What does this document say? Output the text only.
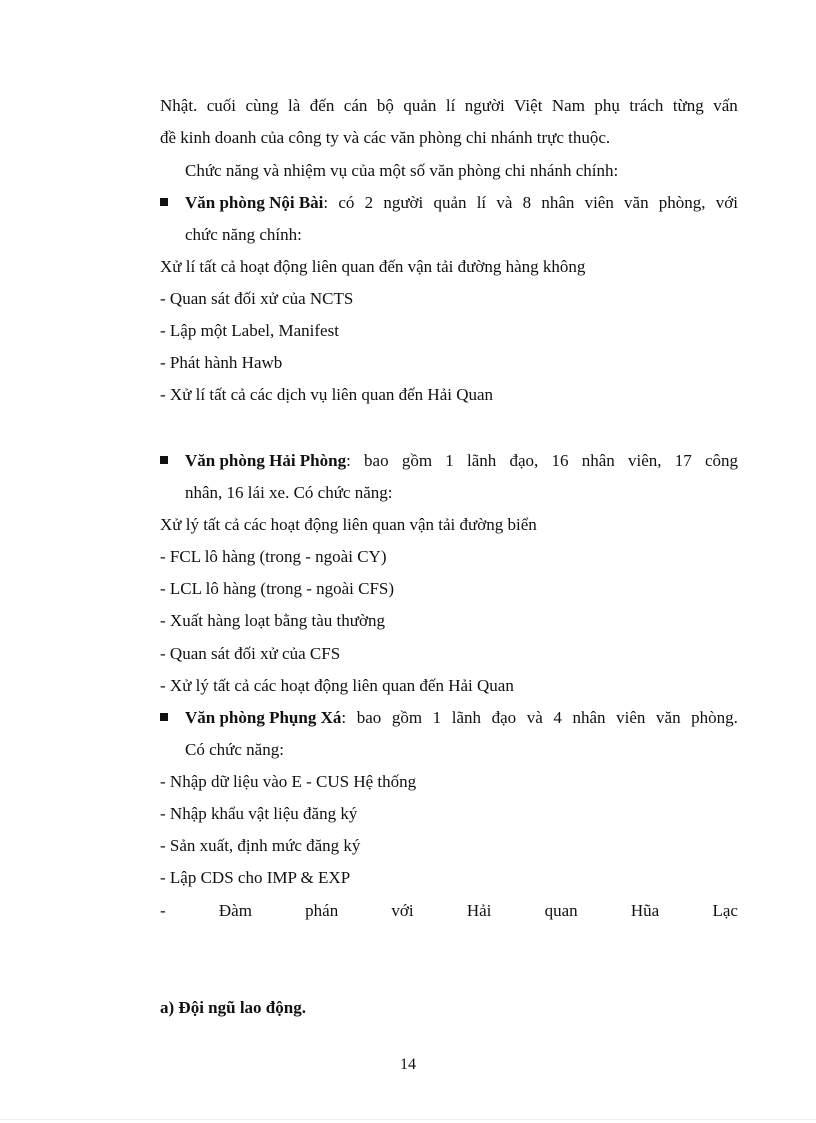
Nhật. cuối cùng là đến cán bộ quản lí người Việt Nam phụ trách từng vấn
đề kinh doanh của công ty và các văn phòng chi nhánh trực thuộc.
Chức năng và nhiệm vụ của một số văn phòng chi nhánh chính:
Văn phòng Nội Bài: có 2 người quản lí và 8 nhân viên văn phòng, với
chức năng chính:
Xử lí tất cả hoạt động liên quan đến vận tải đường hàng không
- Quan sát đối xử của NCTS
- Lập một Label, Manifest
- Phát hành Hawb
- Xử lí tất cả các dịch vụ liên quan đến Hải Quan
Văn phòng Hải Phòng: bao gồm 1 lãnh đạo, 16 nhân viên, 17 công
nhân, 16 lái xe. Có chức năng:
Xử lý tất cả các hoạt động liên quan vận tải đường biển
- FCL lô hàng (trong - ngoài CY)
- LCL lô hàng (trong - ngoài CFS)
- Xuất hàng loạt bằng tàu thường
- Quan sát đối xử của CFS
- Xử lý tất cả các hoạt động liên quan đến Hải Quan
Văn phòng Phụng Xá: bao gồm 1 lãnh đạo và 4 nhân viên văn phòng.
Có chức năng:
- Nhập dữ liệu vào E - CUS Hệ thống
- Nhập khẩu vật liệu đăng ký
- Sản xuất, định mức đăng ký
- Lập CDS cho IMP & EXP
-	Đàm	phán	với	Hải	quan	Hũa	Lạc
a) Đội ngũ lao động.
14
